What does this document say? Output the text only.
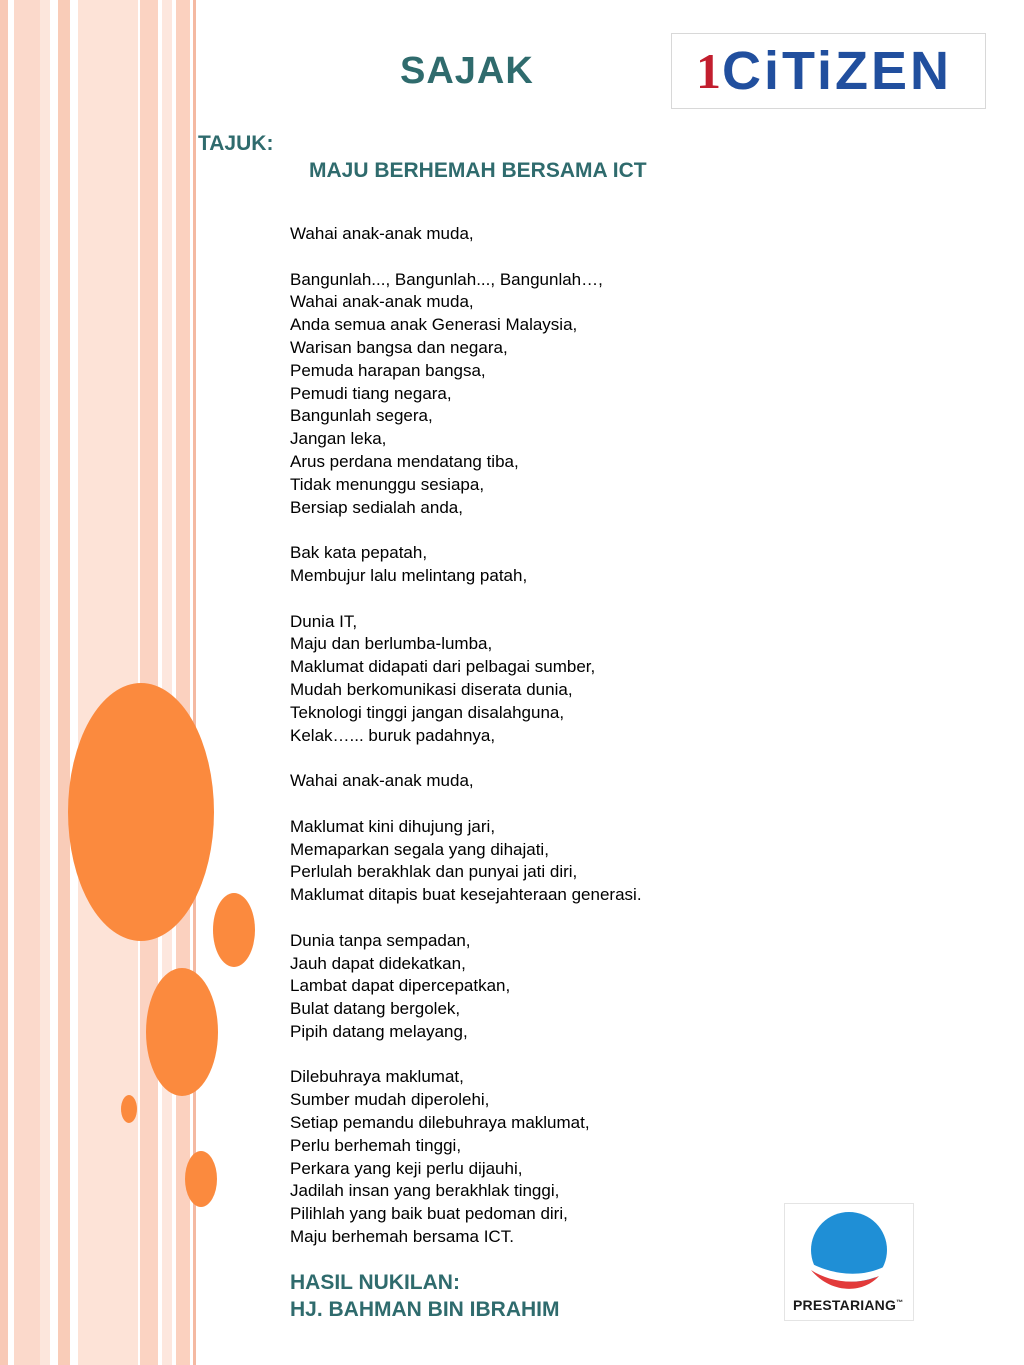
SAJAK	1 CiTiZEN
TAJUK:
MAJU BERHEMAH BERSAMA ICT
Wahai anak-anak muda,
Bangunlah..., Bangunlah..., Bangunlah…,
Wahai anak-anak muda,
Anda semua anak Generasi Malaysia,
Warisan bangsa dan negara,
Pemuda harapan bangsa,
Pemudi tiang negara,
Bangunlah segera,
Jangan leka,
Arus perdana mendatang tiba,
Tidak menunggu sesiapa,
Bersiap sedialah anda,
Bak kata pepatah,
Membujur lalu melintang patah,
Dunia IT,
Maju dan berlumba-lumba,
Maklumat didapati dari pelbagai sumber,
Mudah berkomunikasi diserata dunia,
Teknologi tinggi jangan disalahguna,
Kelak…... buruk padahnya,
Wahai anak-anak muda,
Maklumat kini dihujung jari,
Memaparkan segala yang dihajati,
Perlulah berakhlak dan punyai jati diri,
Maklumat ditapis buat kesejahteraan generasi.
Dunia tanpa sempadan,
Jauh dapat didekatkan,
Lambat dapat dipercepatkan,
Bulat datang bergolek,
Pipih datang melayang,
Dilebuhraya maklumat,
Sumber mudah diperolehi,
Setiap pemandu dilebuhraya maklumat,
Perlu berhemah tinggi,
Perkara yang keji perlu dijauhi,
Jadilah insan yang berakhlak tinggi,
Pilihlah yang baik buat pedoman diri,
Maju berhemah bersama ICT.
HASIL NUKILAN:
HJ. BAHMAN BIN IBRAHIM	PRESTARIANG™
